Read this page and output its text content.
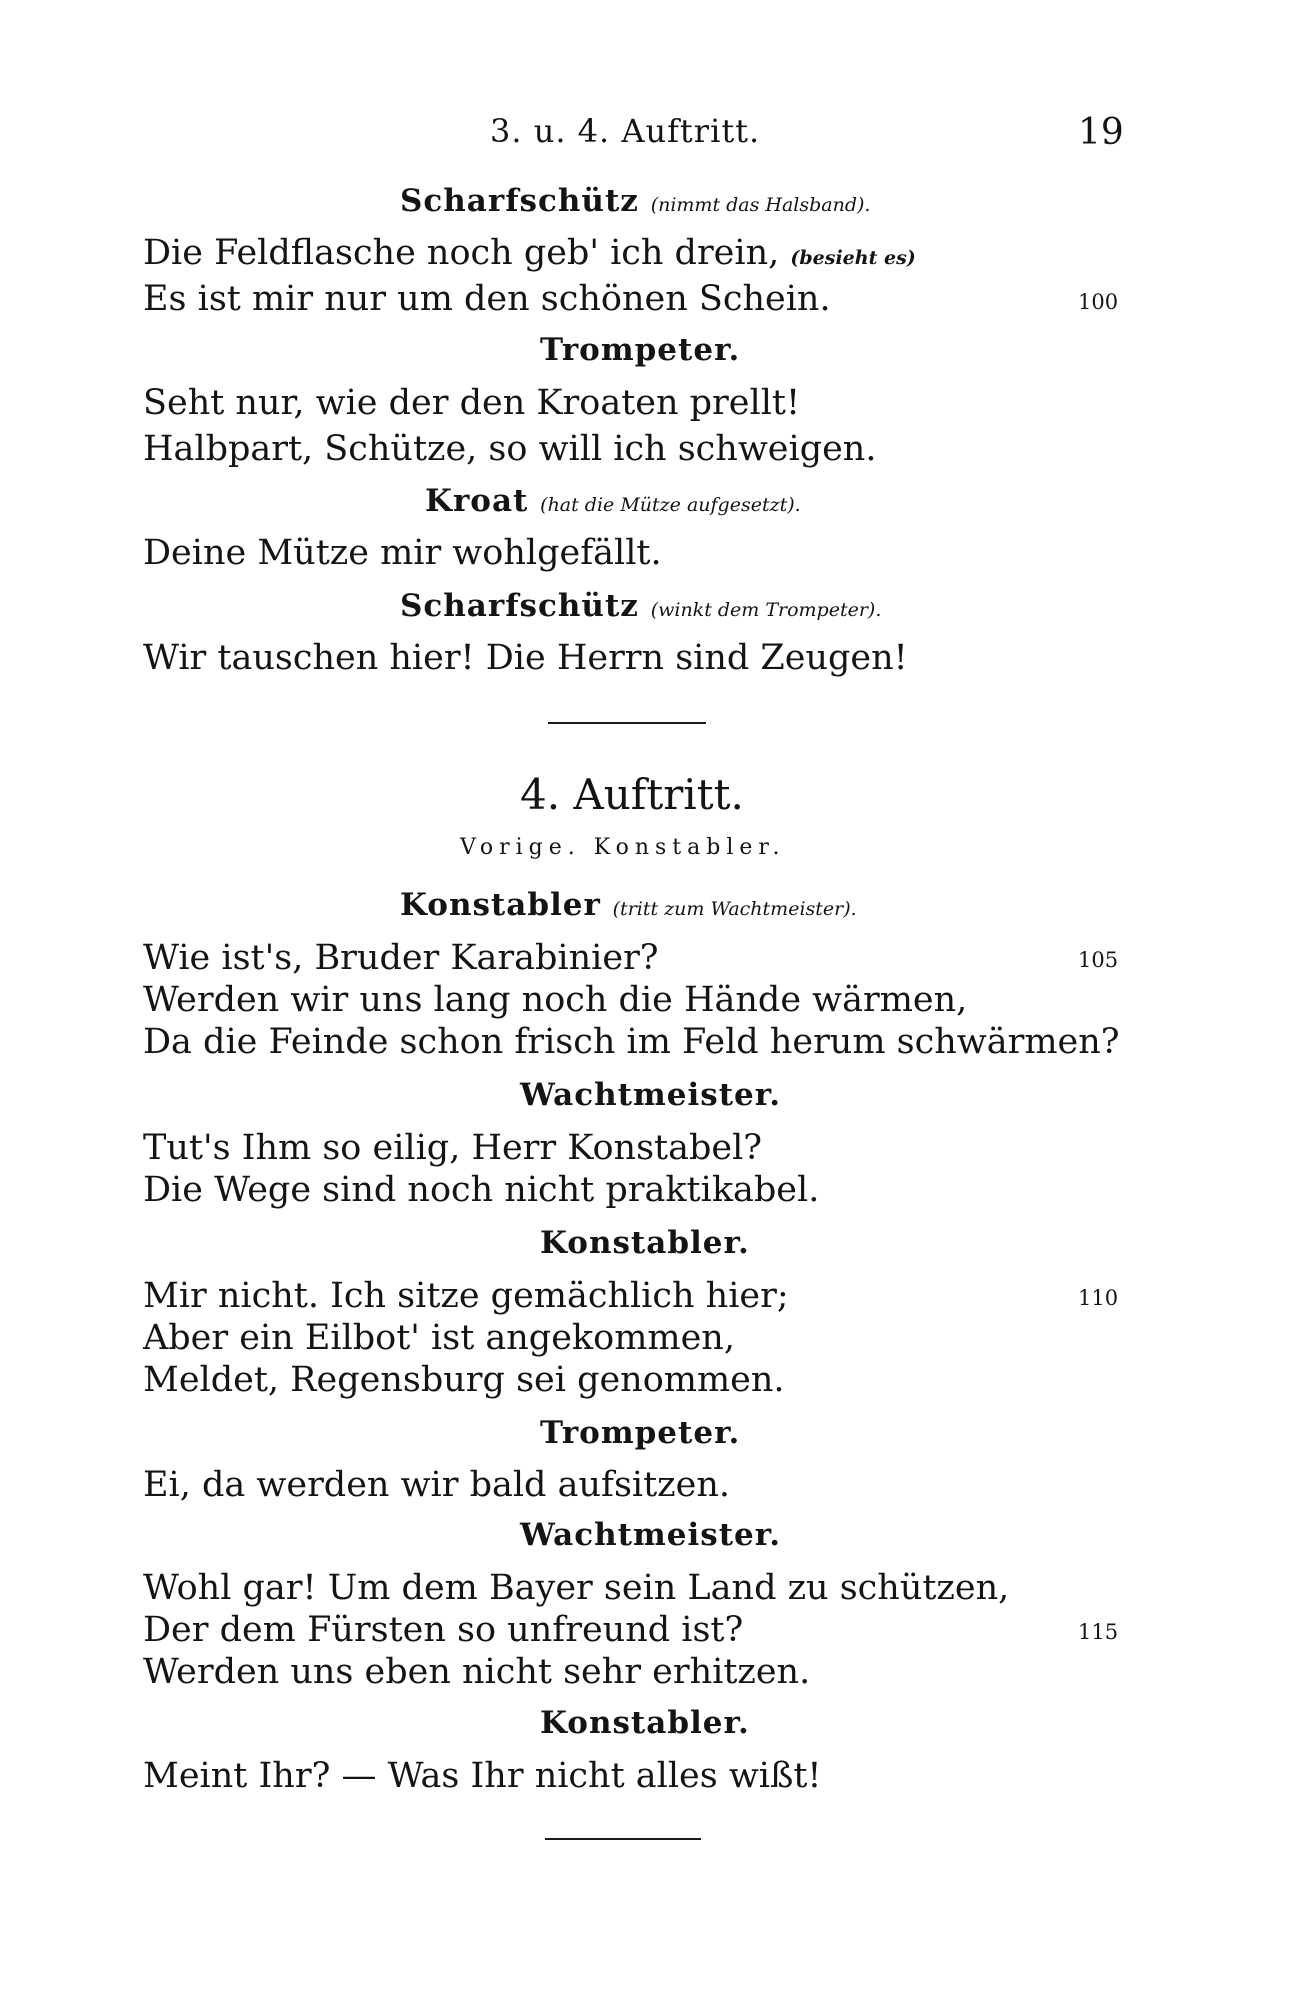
3. u. 4. Auftritt.	19
Scharfschütz (nimmt das Halsband).
Die Feldflasche noch geb' ich drein, (besieht es)
Es ist mir nur um den schönen Schein.	100
Trompeter.
Seht nur, wie der den Kroaten prellt!
Halbpart, Schütze, so will ich schweigen.
Kroat (hat die Mütze aufgesetzt).
Deine Mütze mir wohlgefällt.
Scharfschütz (winkt dem Trompeter).
Wir tauschen hier! Die Herrn sind Zeugen!
4. Auftritt.
Vorige. Konstabler.
Konstabler (tritt zum Wachtmeister).
Wie ist's, Bruder Karabinier?	105
Werden wir uns lang noch die Hände wärmen,
Da die Feinde schon frisch im Feld herum schwärmen?
Wachtmeister.
Tut's Ihm so eilig, Herr Konstabel?
Die Wege sind noch nicht praktikabel.
Konstabler.
Mir nicht. Ich sitze gemächlich hier;	110
Aber ein Eilbot' ist angekommen,
Meldet, Regensburg sei genommen.
Trompeter.
Ei, da werden wir bald aufsitzen.
Wachtmeister.
Wohl gar! Um dem Bayer sein Land zu schützen,
Der dem Fürsten so unfreund ist?	115
Werden uns eben nicht sehr erhitzen.
Konstabler.
Meint Ihr? — Was Ihr nicht alles wißt!
